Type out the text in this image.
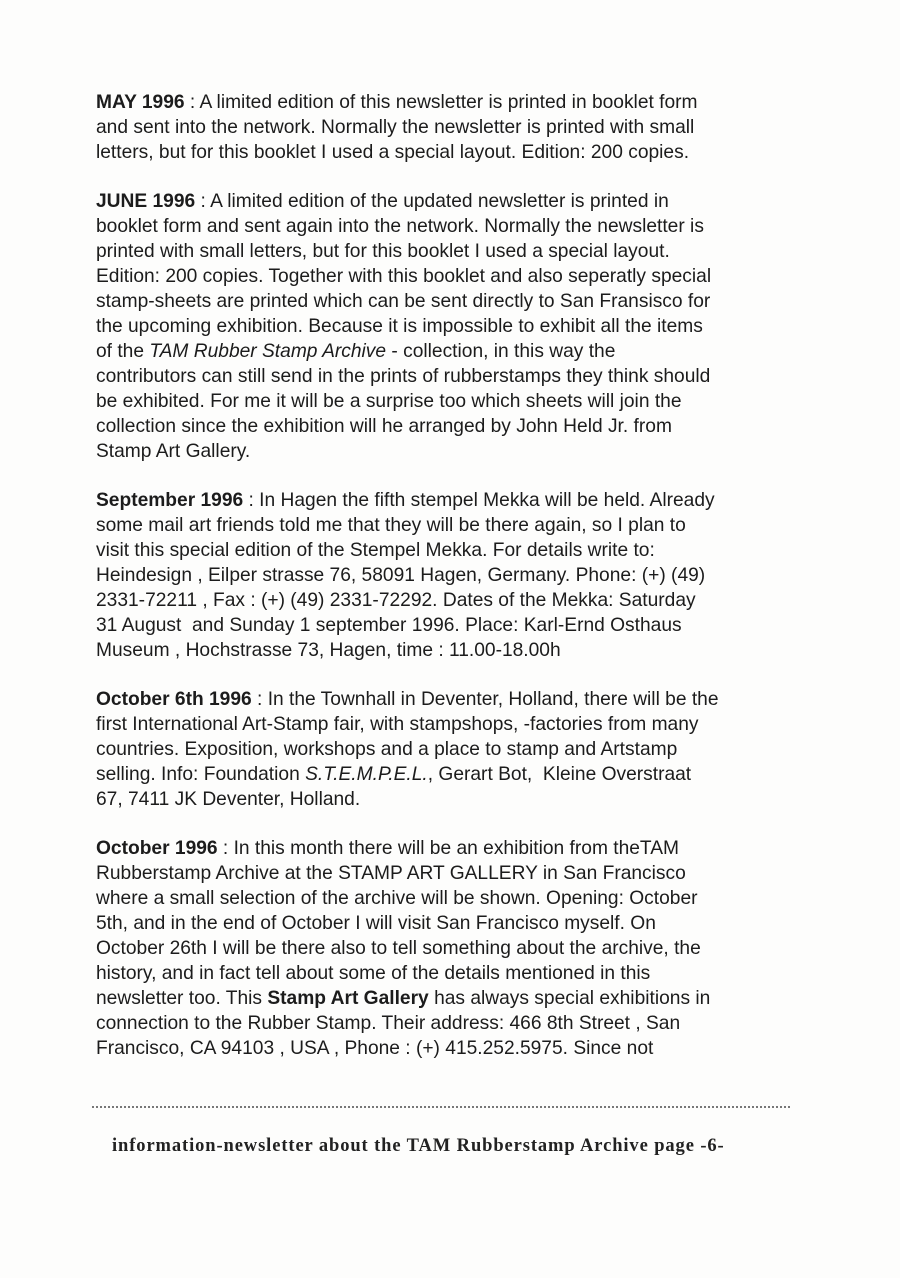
MAY 1996 : A limited edition of this newsletter is printed in booklet form
and sent into the network. Normally the newsletter is printed with small
letters, but for this booklet I used a special layout. Edition: 200 copies.

JUNE 1996 : A limited edition of the updated newsletter is printed in
booklet form and sent again into the network. Normally the newsletter is
printed with small letters, but for this booklet I used a special layout.
Edition: 200 copies. Together with this booklet and also seperatly special
stamp-sheets are printed which can be sent directly to San Fransisco for
the upcoming exhibition. Because it is impossible to exhibit all the items
of the TAM Rubber Stamp Archive - collection, in this way the
contributors can still send in the prints of rubberstamps they think should
be exhibited. For me it will be a surprise too which sheets will join the
collection since the exhibition will he arranged by John Held Jr. from
Stamp Art Gallery.

September 1996 : In Hagen the fifth stempel Mekka will be held. Already
some mail art friends told me that they will be there again, so I plan to
visit this special edition of the Stempel Mekka. For details write to:
Heindesign , Eilper strasse 76, 58091 Hagen, Germany. Phone: (+) (49)
2331-72211 , Fax : (+) (49) 2331-72292. Dates of the Mekka: Saturday
31 August  and Sunday 1 september 1996. Place: Karl-Ernd Osthaus
Museum , Hochstrasse 73, Hagen, time : 11.00-18.00h

October 6th 1996 : In the Townhall in Deventer, Holland, there will be the
first International Art-Stamp fair, with stampshops, -factories from many
countries. Exposition, workshops and a place to stamp and Artstamp
selling. Info: Foundation S.T.E.M.P.E.L., Gerart Bot,  Kleine Overstraat
67, 7411 JK Deventer, Holland.

October 1996 : In this month there will be an exhibition from theTAM
Rubberstamp Archive at the STAMP ART GALLERY in San Francisco
where a small selection of the archive will be shown. Opening: October
5th, and in the end of October I will visit San Francisco myself. On
October 26th I will be there also to tell something about the archive, the
history, and in fact tell about some of the details mentioned in this
newsletter too. This Stamp Art Gallery has always special exhibitions in
connection to the Rubber Stamp. Their address: 466 8th Street , San
Francisco, CA 94103 , USA , Phone : (+) 415.252.5975. Since not

information-newsletter about the TAM Rubberstamp Archive page -6-
